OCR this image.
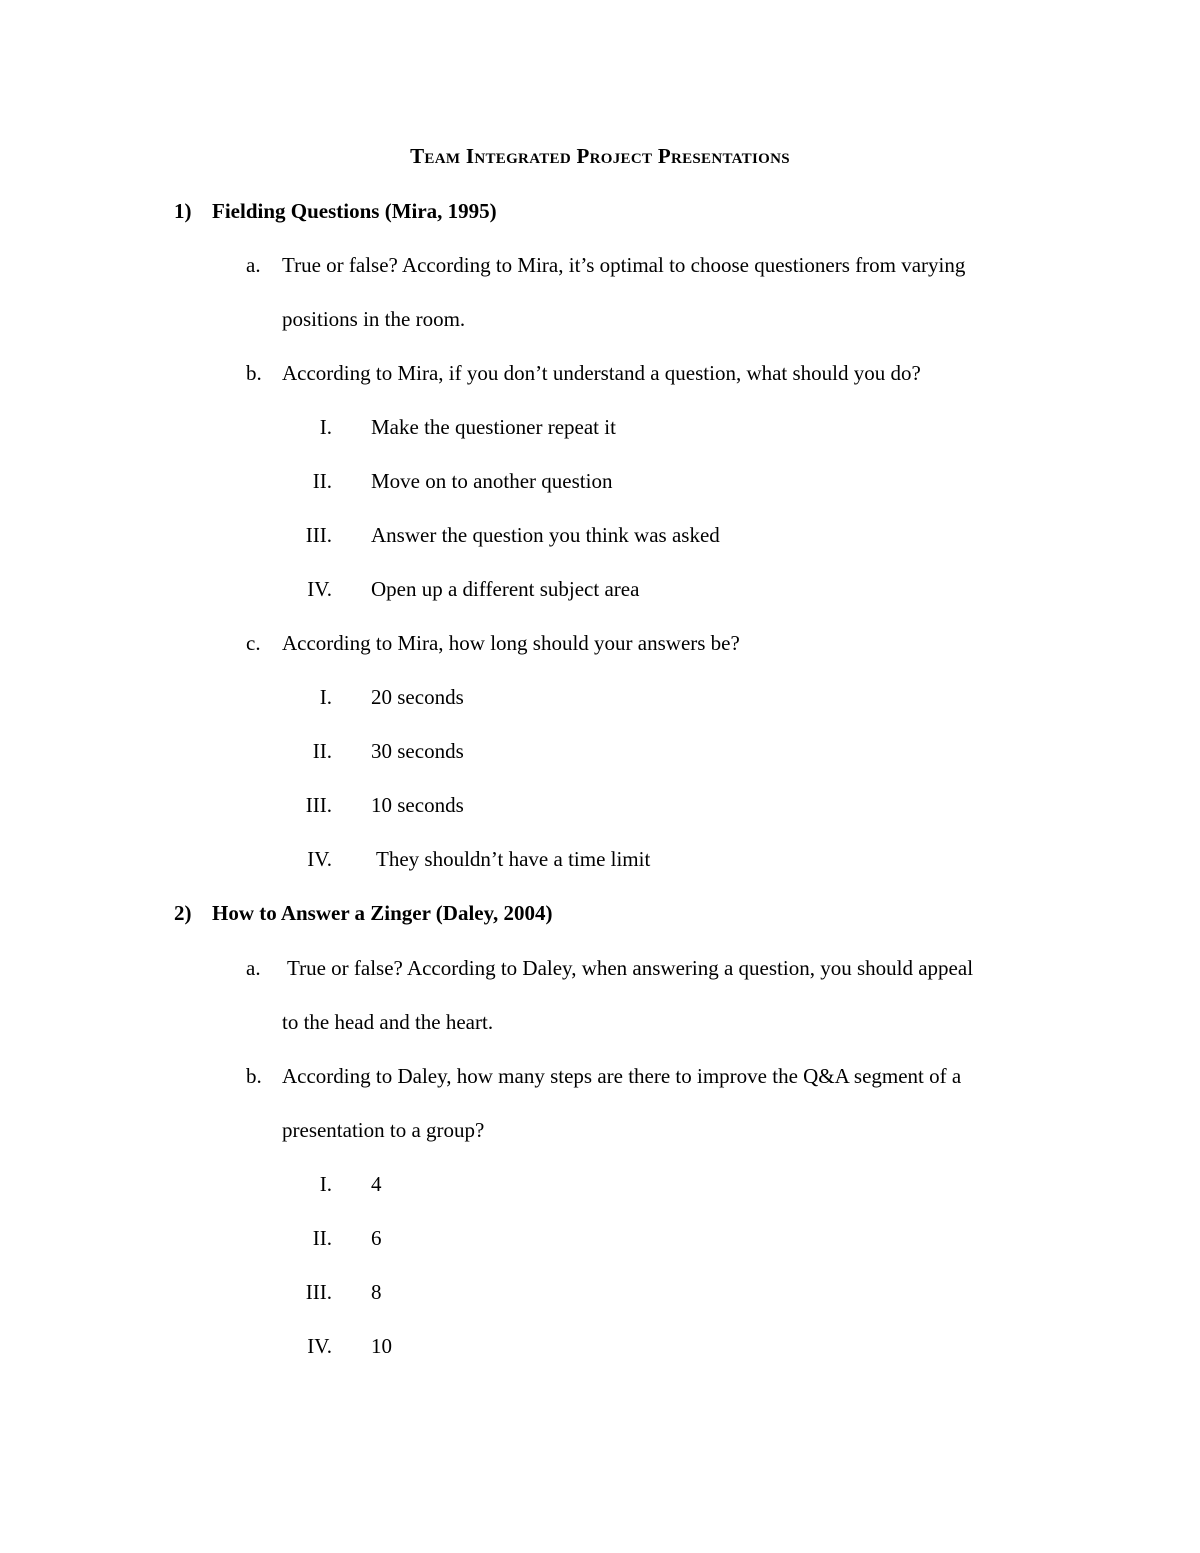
Team Integrated Project Presentations
1) Fielding Questions (Mira, 1995)
a. True or false? According to Mira, it’s optimal to choose questioners from varying
positions in the room.
b. According to Mira, if you don’t understand a question, what should you do?
I. Make the questioner repeat it
II. Move on to another question
III. Answer the question you think was asked
IV. Open up a different subject area
c. According to Mira, how long should your answers be?
I. 20 seconds
II. 30 seconds
III. 10 seconds
IV. They shouldn’t have a time limit
2) How to Answer a Zinger (Daley, 2004)
a. True or false? According to Daley, when answering a question, you should appeal
to the head and the heart.
b. According to Daley, how many steps are there to improve the Q&A segment of a
presentation to a group?
I. 4
II. 6
III. 8
IV. 10
